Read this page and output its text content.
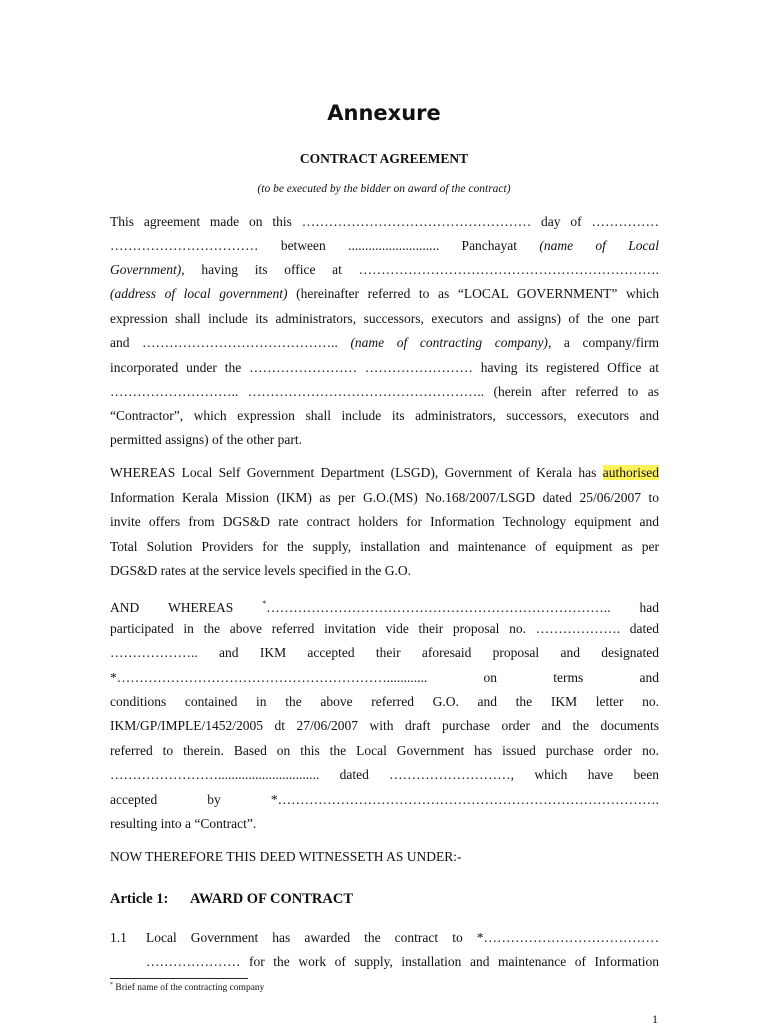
Annexure
CONTRACT AGREEMENT
(to be executed by the bidder on award of the contract)
This agreement made on this …………………………………………… day of ……………
…………………………… between ........................... Panchayat (name of Local
Government), having its office at ………………………………………………………….
(address of local government) (hereinafter referred to as “LOCAL GOVERNMENT” which
expression shall include its administrators, successors, executors and assigns) of the one part
and …………………………………….. (name of contracting company), a company/firm
incorporated under the …………………… …………………… having its registered Office at
……………………….. …………………………………………….. (herein after referred to as
“Contractor”, which expression shall include its administrators, successors, executors and
permitted assigns) of the other part.
WHEREAS Local Self Government Department (LSGD), Government of Kerala has authorised
Information Kerala Mission (IKM) as per G.O.(MS) No.168/2007/LSGD dated 25/06/2007 to
invite offers from DGS&D rate contract holders for Information Technology equipment and
Total Solution Providers for the supply, installation and maintenance of equipment as per
DGS&D rates at the service levels specified in the G.O.
AND WHEREAS *………………………………………………………………….. had
participated in the above referred invitation vide their proposal no. ………………. dated
……………….. and IKM accepted their aforesaid proposal and designated
*……………………………………………………............ on terms and
conditions contained in the above referred G.O. and the IKM letter no.
IKM/GP/IMPLE/1452/2005 dt 27/06/2007 with draft purchase order and the documents
referred to therein. Based on this the Local Government has issued purchase order no.
…………………….............................. dated ………………………, which have been
accepted by *………………………………………………………………………….
resulting into a “Contract”.
NOW THEREFORE THIS DEED WITNESSETH AS UNDER:-
Article 1: AWARD OF CONTRACT
1.1 Local Government has awarded the contract to *…………………………………
………………… for the work of supply, installation and maintenance of Information
* Brief name of the contracting company
1
